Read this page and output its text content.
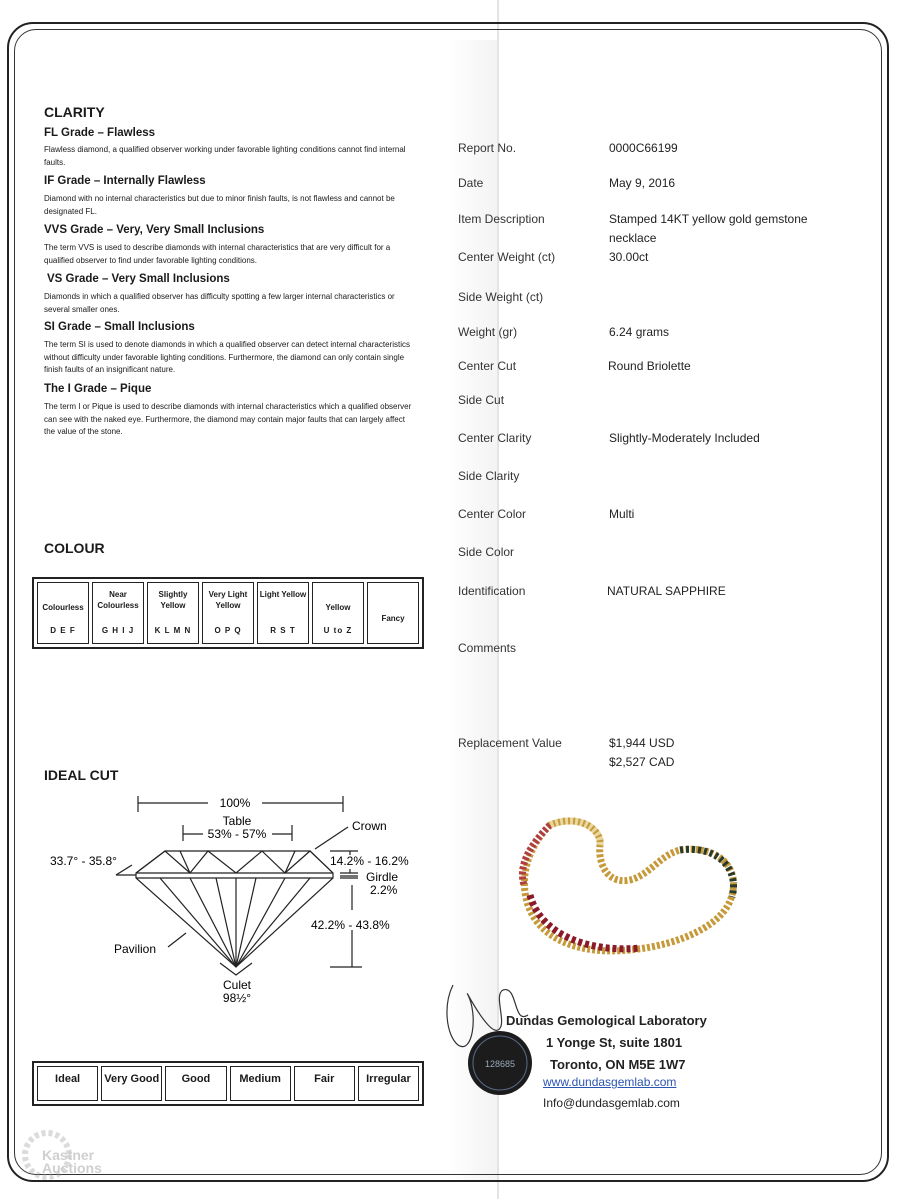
CLARITY
FL Grade – Flawless
Flawless diamond, a qualified observer working under favorable lighting conditions cannot find internal faults.
IF Grade – Internally Flawless
Diamond with no internal characteristics but due to minor finish faults, is not flawless and cannot be designated FL.
VVS Grade – Very, Very Small Inclusions
The term VVS is used to describe diamonds with internal characteristics that are very difficult for a qualified observer to find under favorable lighting conditions.
VS Grade – Very Small Inclusions
Diamonds in which a qualified observer has difficulty spotting a few larger internal characteristics or several smaller ones.
SI Grade – Small Inclusions
The term SI is used to denote diamonds in which a qualified observer can detect internal characteristics without difficulty under favorable lighting conditions. Furthermore, the diamond can only contain single finish faults of an insignificant nature.
The I Grade – Pique
The term I or Pique is used to describe diamonds with internal characteristics which a qualified observer can see with the naked eye. Furthermore, the diamond may contain major faults that can largely affect the value of the stone.
COLOUR
Colourless
D E F
Near Colourless
G H I J
Slightly Yellow
K L M N
Very Light Yellow
O P Q
Light Yellow
R S T
Yellow
U to Z
Fancy
IDEAL CUT
100%
Table
53% - 57%
Crown
33.7° - 35.8°	14.2% - 16.2%
Girdle
2.2%
42.2% - 43.8%
Pavilion
Culet
98½°
Ideal	Very Good	Good	Medium	Fair	Irregular
Report No.	0000C66199
Date	May 9, 2016
Item Description	Stamped 14KT yellow gold gemstone necklace
Center Weight (ct)	30.00ct
Side Weight (ct)
Weight (gr)	6.24 grams
Center Cut	Round Briolette
Side Cut
Center Clarity	Slightly-Moderately Included
Side Clarity
Center Color	Multi
Side Color
Identification	NATURAL SAPPHIRE
Comments
Replacement Value	$1,944 USD
$2,527 CAD
128685
Dundas Gemological Laboratory
1 Yonge St, suite 1801
Toronto, ON M5E 1W7
www.dundasgemlab.com
Info@dundasgemlab.com
Kastner Auctions
